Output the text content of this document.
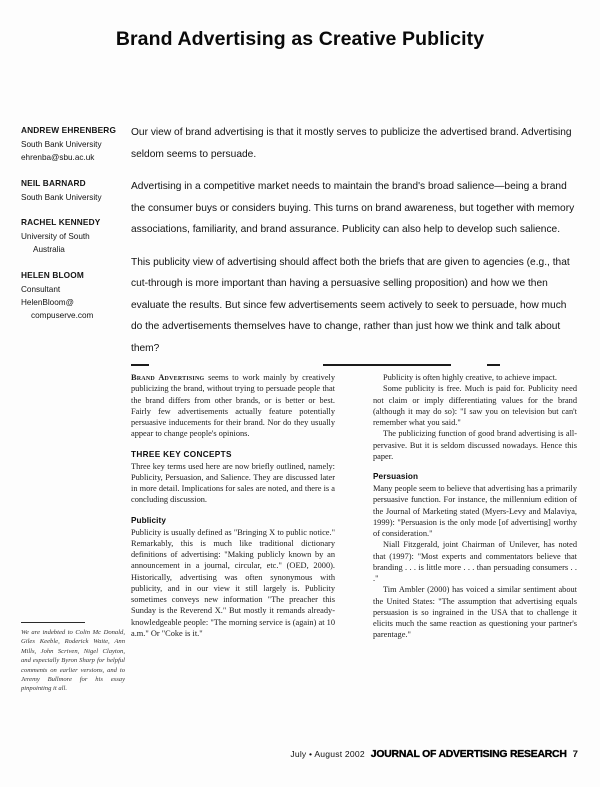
Brand Advertising as Creative Publicity
ANDREW EHRENBERG
South Bank University
ehrenba@sbu.ac.uk
NEIL BARNARD
South Bank University
RACHEL KENNEDY
University of South
Australia
HELEN BLOOM
Consultant
HelenBloom@
compuserve.com

Our view of brand advertising is that it mostly serves to publicize the advertised brand. Advertising seldom seems to persuade.

Advertising in a competitive market needs to maintain the brand's broad salience—being a brand the consumer buys or considers buying. This turns on brand awareness, but together with memory associations, familiarity, and brand assurance. Publicity can also help to develop such salience.

This publicity view of advertising should affect both the briefs that are given to agencies (e.g., that cut-through is more important than having a persuasive selling proposition) and how we then evaluate the results. But since few advertisements seem actively to seek to persuade, how much do the advertisements themselves have to change, rather than just how we think and talk about them?

Brand Advertising seems to work mainly by creatively publicizing the brand, without trying to persuade people that the brand differs from other brands, or is better or best. Fairly few advertisements actually feature potentially persuasive inducements for their brand. Nor do they usually appear to change people's opinions.

THREE KEY CONCEPTS

Three key terms used here are now briefly outlined, namely: Publicity, Persuasion, and Salience. They are discussed later in more detail. Implications for sales are noted, and there is a concluding discussion.

Publicity

Publicity is usually defined as "Bringing X to public notice." Remarkably, this is much like traditional dictionary definitions of advertising: "Making publicly known by an announcement in a journal, circular, etc." (OED, 2000). Historically, advertising was often synonymous with publicity, and in our view it still largely is. Publicity sometimes conveys new information "The preacher this Sunday is the Reverend X." But mostly it remands already-knowledgeable people: "The morning service is (again) at 10 a.m." Or "Coke is it."

Publicity is often highly creative, to achieve impact.

Some publicity is free. Much is paid for. Publicity need not claim or imply differentiating values for the brand (although it may do so): "I saw you on television but can't remember what you said."

The publicizing function of good brand advertising is all-pervasive. But it is seldom discussed nowadays. Hence this paper.

Persuasion

Many people seem to believe that advertising has a primarily persuasive function. For instance, the millennium edition of the Journal of Marketing stated (Myers-Levy and Malaviya, 1999): "Persuasion is the only mode [of advertising] worthy of consideration."

Niall Fitzgerald, joint Chairman of Unilever, has noted that (1997): "Most experts and commentators believe that branding . . . is little more . . . than persuading consumers . . ."

Tim Ambler (2000) has voiced a similar sentiment about the United States: "The assumption that advertising equals persuasion is so ingrained in the USA that to challenge it elicits much the same reaction as questioning your partner's parentage."

We are indebted to Colin Mc Donald, Giles Keeble, Roderick Waite, Ann Mills, John Scriven, Nigel Clayton, and especially Byron Sharp for helpful comments on earlier versions, and to Jeremy Bullmore for his essay pinpointing it all.
July • August 2002 JOURNAL OF ADVERTISING RESEARCH 7
